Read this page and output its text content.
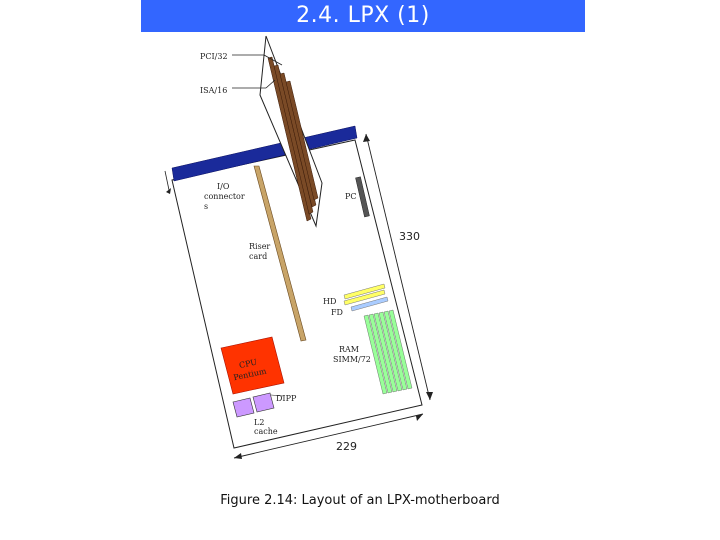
2.4. LPX (1)
PCI/32
ISA/16
I/O
connector
s
PC
Riser
card
HD
FD
RAM
SIMM/72
CPU
Pentium
DIPP
L2
cache
330
229
Figure 2.14: Layout of an LPX-motherboard
